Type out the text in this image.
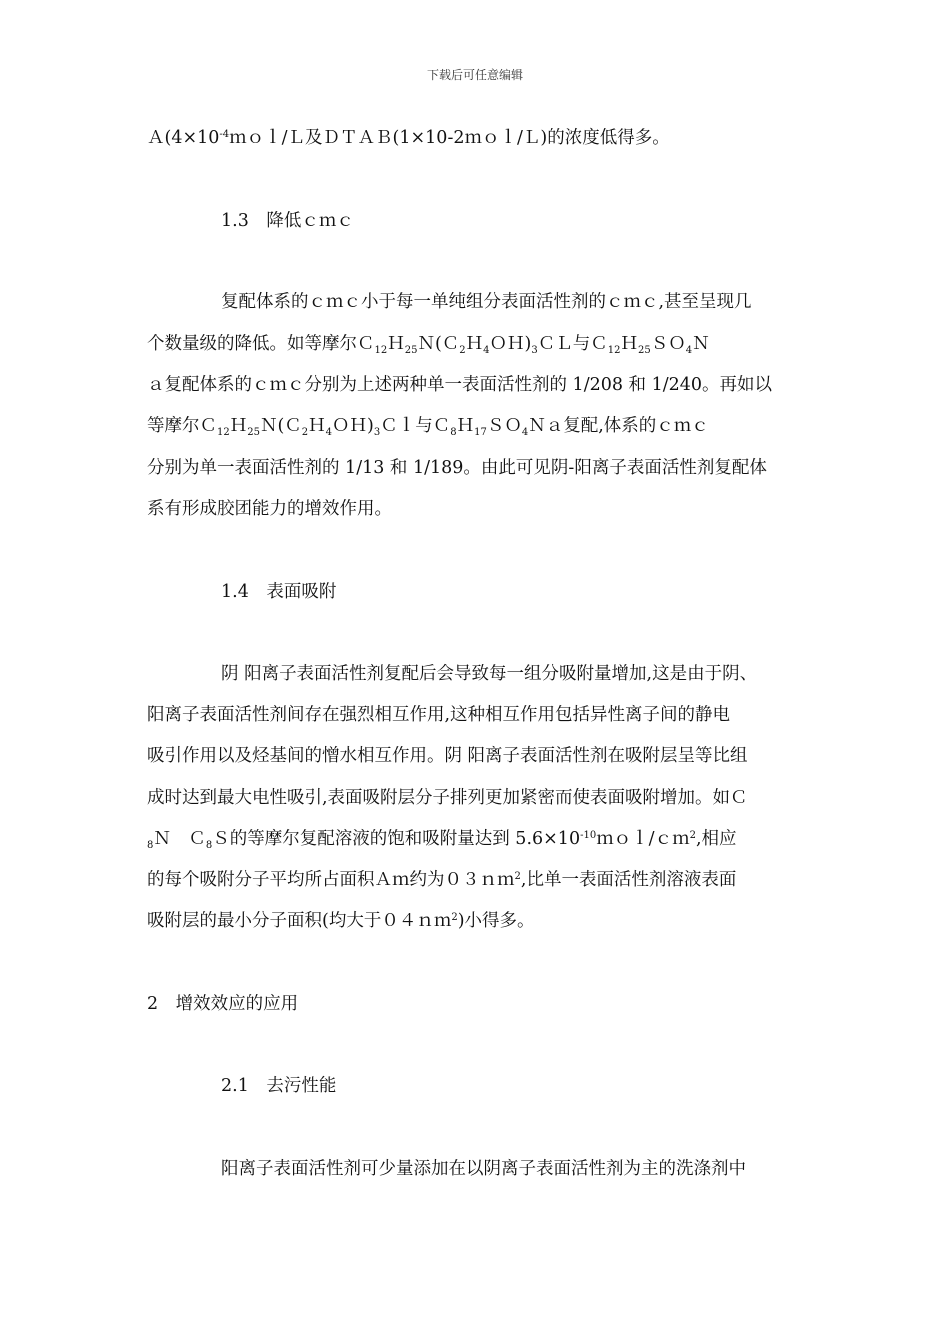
下载后可任意编辑
$A(4\times 10^{-4}mol/L$及ＤＴＡＢ(1×10-2ｍｏｌ/Ｌ)的浓度低得多。
1.3　降低ｃｍｃ
复配体系的ｃｍｃ小于每一单纯组分表面活性剂的ｃｍｃ,甚至呈现几
个数量级的降低。如等摩尔$C_{12}H_{25}N(C_2H_4OH)_3CL$与Ｃ$_{12}$Ｈ$_{25}$ＳＯ$_4$Ｎ
ａ复配体系的ｃｍｃ分别为上述两种单一表面活性剂的 1/208 和 1/240。再如以
等摩尔$C_{12}H_{25}N(C_2H_4OH)_3Cl$与Ｃ$_8$Ｈ$_{17}$ＳＯ$_4$Ｎａ复配,体系的ｃｍｃ
分别为单一表面活性剂的 1/13 和 1/189。由此可见阴-阳离子表面活性剂复配体
系有形成胶团能力的增效作用。
1.4　表面吸附
阴 阳离子表面活性剂复配后会导致每一组分吸附量增加,这是由于阴、
阳离子表面活性剂间存在强烈相互作用,这种相互作用包括异性离子间的静电
吸引作用以及烃基间的憎水相互作用。阴 阳离子表面活性剂在吸附层呈等比组
成时达到最大电性吸引,表面吸附层分子排列更加紧密而使表面吸附增加。如Ｃ
$_8$Ｎ　Ｃ$_8$Ｓ的等摩尔复配溶液的饱和吸附量达到 $5.6\times 10^{-10}mol/cm^2$,相应
的每个吸附分子平均所占面积Ａｍ约为０３ｎｍ$^2$,比单一表面活性剂溶液表面
吸附层的最小分子面积(均大于０４ｎｍ$^2$)小得多。
2　增效效应的应用
2.1　去污性能
阳离子表面活性剂可少量添加在以阴离子表面活性剂为主的洗涤剂中
